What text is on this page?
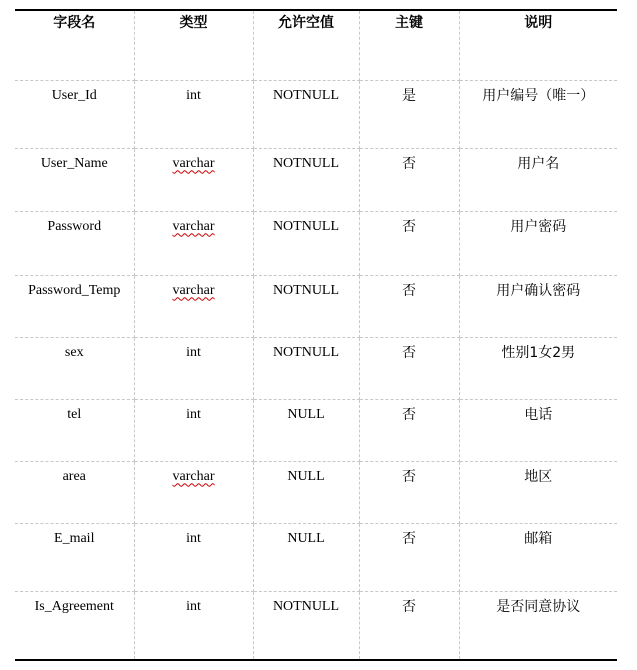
字段名	类型	允许空值	主键	说明
User_Id	int	NOTNULL	是	用户编号（唯一）
User_Name	varchar	NOTNULL	否	用户名
Password	varchar	NOTNULL	否	用户密码
Password_Temp	varchar	NOTNULL	否	用户确认密码
sex	int	NOTNULL	否	性别1女2男
tel	int	NULL	否	电话
area	varchar	NULL	否	地区
E_mail	int	NULL	否	邮箱
Is_Agreement	int	NOTNULL	否	是否同意协议
